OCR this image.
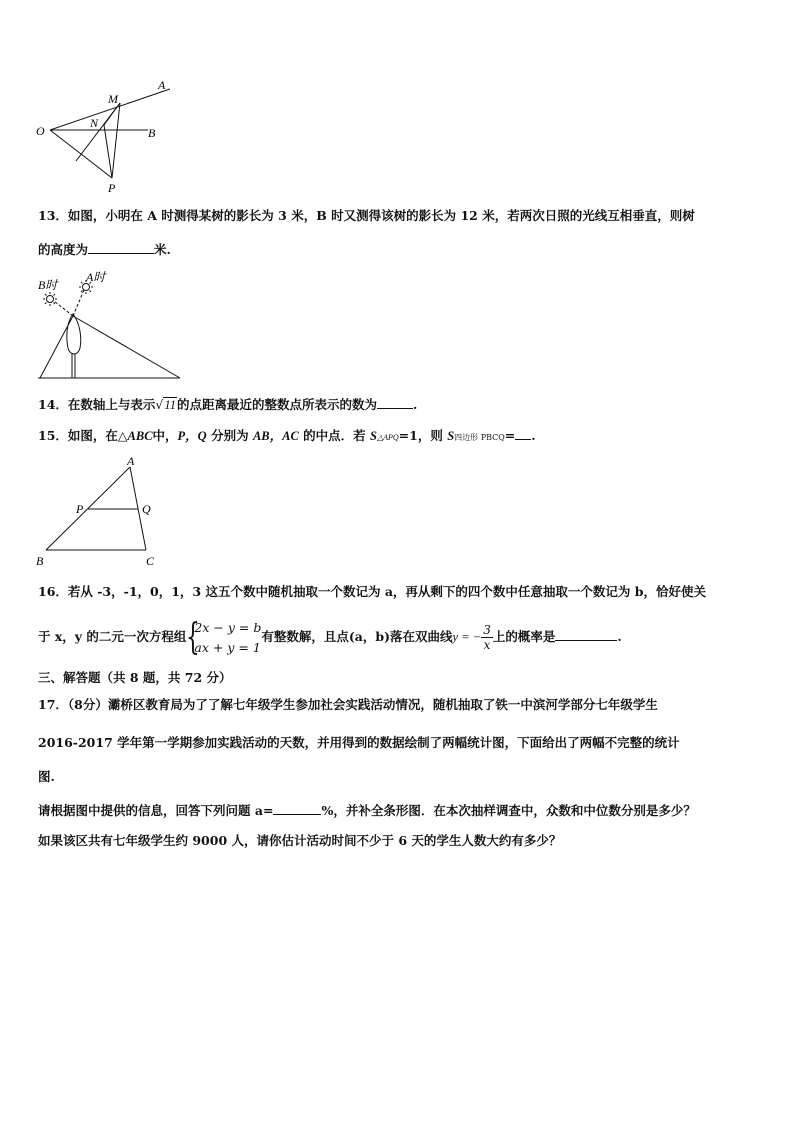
A
M
N
O	B
P
13．如图，小明在 A 时测得某树的影长为 3 米，B 时又测得该树的影长为 12 米，若两次日照的光线互相垂直，则树
的高度为	米.
B时
A时
14．在数轴上与表示√11的点距离最近的整数点所表示的数为	.
15．如图，在△ABC中，P，Q 分别为 AB，AC 的中点．若 S△APQ=1，则 S四边形 PBCQ= .
A
P	Q
B	C
16．若从 -3，-1，0，1，3 这五个数中随机抽取一个数记为 a，再从剩下的四个数中任意抽取一个数记为 b，恰好使关
于 x，y 的二元一次方程组 {
2x − y = b
ax + y = 1
有整数解，且点(a，b)落在双曲线y = − $\frac{3}{x}$ 上的概率是	.
三、解答题（共 8 题，共 72 分）
17．（8分）灞桥区教育局为了了解七年级学生参加社会实践活动情况，随机抽取了铁一中滨河学部分七年级学生
2016-2017 学年第一学期参加实践活动的天数，并用得到的数据绘制了两幅统计图，下面给出了两幅不完整的统计
图.
请根据图中提供的信息，回答下列问题 a=	%，并补全条形图．在本次抽样调查中，众数和中位数分别是多少？
如果该区共有七年级学生约 9000 人，请你估计活动时间不少于 6 天的学生人数大约有多少？
